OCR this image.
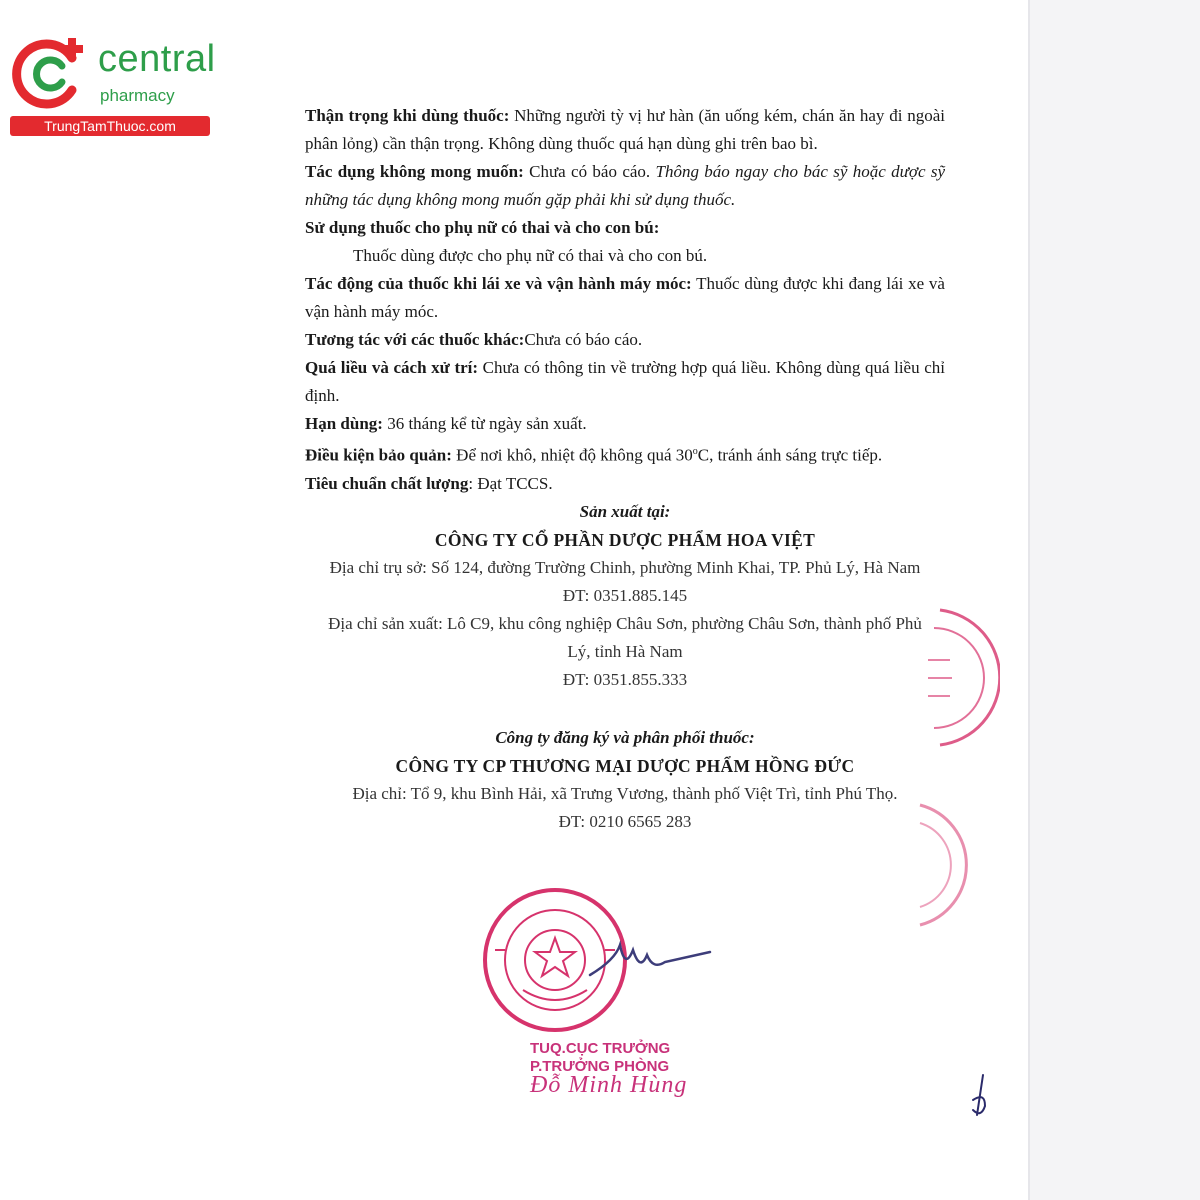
central
pharmacy
TrungTamThuoc.com

Thận trọng khi dùng thuốc: Những người tỳ vị hư hàn (ăn uống kém, chán ăn hay đi ngoài phân lỏng) cần thận trọng. Không dùng thuốc quá hạn dùng ghi trên bao bì.

Tác dụng không mong muốn: Chưa có báo cáo. Thông báo ngay cho bác sỹ hoặc dược sỹ những tác dụng không mong muốn gặp phải khi sử dụng thuốc.

Sử dụng thuốc cho phụ nữ có thai và cho con bú:

Thuốc dùng được cho phụ nữ có thai và cho con bú.

Tác động của thuốc khi lái xe và vận hành máy móc: Thuốc dùng được khi đang lái xe và vận hành máy móc.

Tương tác với các thuốc khác:Chưa có báo cáo.

Quá liều và cách xử trí: Chưa có thông tin về trường hợp quá liều. Không dùng quá liều chỉ định.

Hạn dùng: 36 tháng kể từ ngày sản xuất.

Điều kiện bảo quản: Để nơi khô, nhiệt độ không quá 30$^o$C, tránh ánh sáng trực tiếp.

Tiêu chuẩn chất lượng: Đạt TCCS.

Sản xuất tại:

CÔNG TY CỔ PHẦN DƯỢC PHẨM HOA VIỆT

Địa chỉ trụ sở: Số 124, đường Trường Chinh, phường Minh Khai, TP. Phủ Lý, Hà Nam

ĐT: 0351.885.145

Địa chỉ sản xuất: Lô C9, khu công nghiệp Châu Sơn, phường Châu Sơn, thành phố Phủ

Lý, tỉnh Hà Nam

ĐT: 0351.855.333

Công ty đăng ký và phân phối thuốc:

CÔNG TY CP THƯƠNG MẠI DƯỢC PHẨM HỒNG ĐỨC

Địa chỉ: Tổ 9, khu Bình Hải, xã Trưng Vương, thành phố Việt Trì, tỉnh Phú Thọ.

ĐT: 0210 6565 283

TUQ.CỤC TRƯỞNG
P.TRƯỞNG PHÒNG
Đỗ Minh Hùng
